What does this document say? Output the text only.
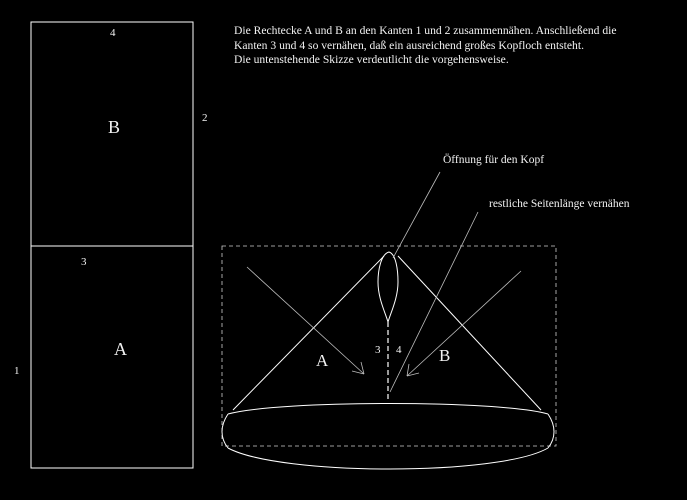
Die Rechtecke A und B an den Kanten 1 und 2 zusammennähen. Anschließend die
Kanten 3 und 4 so vernähen, daß ein ausreichend großes Kopfloch entsteht.
Die untenstehende Skizze verdeutlicht die vorgehensweise.
B
A
4
3
2
1
A	B
3 4
Öffnung für den Kopf
restliche Seitenlänge vernähen
